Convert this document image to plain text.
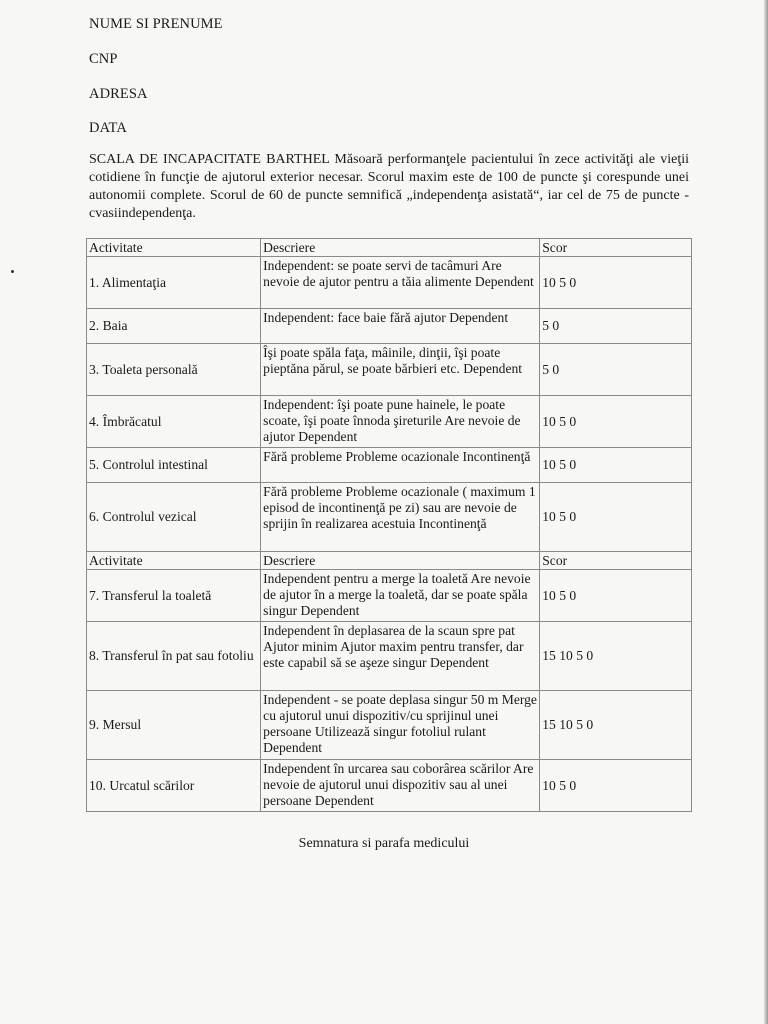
NUME SI PRENUME
CNP
ADRESA
DATA
SCALA DE INCAPACITATE BARTHEL Măsoară performanţele pacientului în zece activităţi ale vieţii cotidiene în funcţie de ajutorul exterior necesar. Scorul maxim este de 100 de puncte şi corespunde unei autonomii complete. Scorul de 60 de puncte semnifică „independenţa asistată“, iar cel de 75 de puncte - cvasiindependenţa.
Activitate	Descriere	Scor
1. Alimentaţia	Independent: se poate servi de tacâmuri Are nevoie de ajutor pentru a tăia alimente Dependent	10 5 0
2. Baia	Independent: face baie fără ajutor Dependent	5 0
3. Toaleta personală	Îşi poate spăla faţa, mâinile, dinţii, îşi poate pieptăna părul, se poate bărbieri etc. Dependent	5 0
4. Îmbrăcatul	Independent: îşi poate pune hainele, le poate scoate, îşi poate înnoda şireturile Are nevoie de ajutor Dependent	10 5 0
5. Controlul intestinal	Fără probleme Probleme ocazionale Incontinenţă	10 5 0
6. Controlul vezical	Fără probleme Probleme ocazionale ( maximum 1 episod de incontinenţă pe zi) sau are nevoie de sprijin în realizarea acestuia Incontinenţă	10 5 0
Activitate	Descriere	Scor
7. Transferul la toaletă	Independent pentru a merge la toaletă Are nevoie de ajutor în a merge la toaletă, dar se poate spăla singur Dependent	10 5 0
8. Transferul în pat sau fotoliu	Independent în deplasarea de la scaun spre pat Ajutor minim Ajutor maxim pentru transfer, dar este capabil să se aşeze singur Dependent	15 10 5 0
9. Mersul	Independent - se poate deplasa singur 50 m Merge cu ajutorul unui dispozitiv/cu sprijinul unei persoane Utilizează singur fotoliul rulant Dependent	15 10 5 0
10. Urcatul scărilor	Independent în urcarea sau coborârea scărilor Are nevoie de ajutorul unui dispozitiv sau al unei persoane Dependent	10 5 0
Semnatura si parafa medicului
